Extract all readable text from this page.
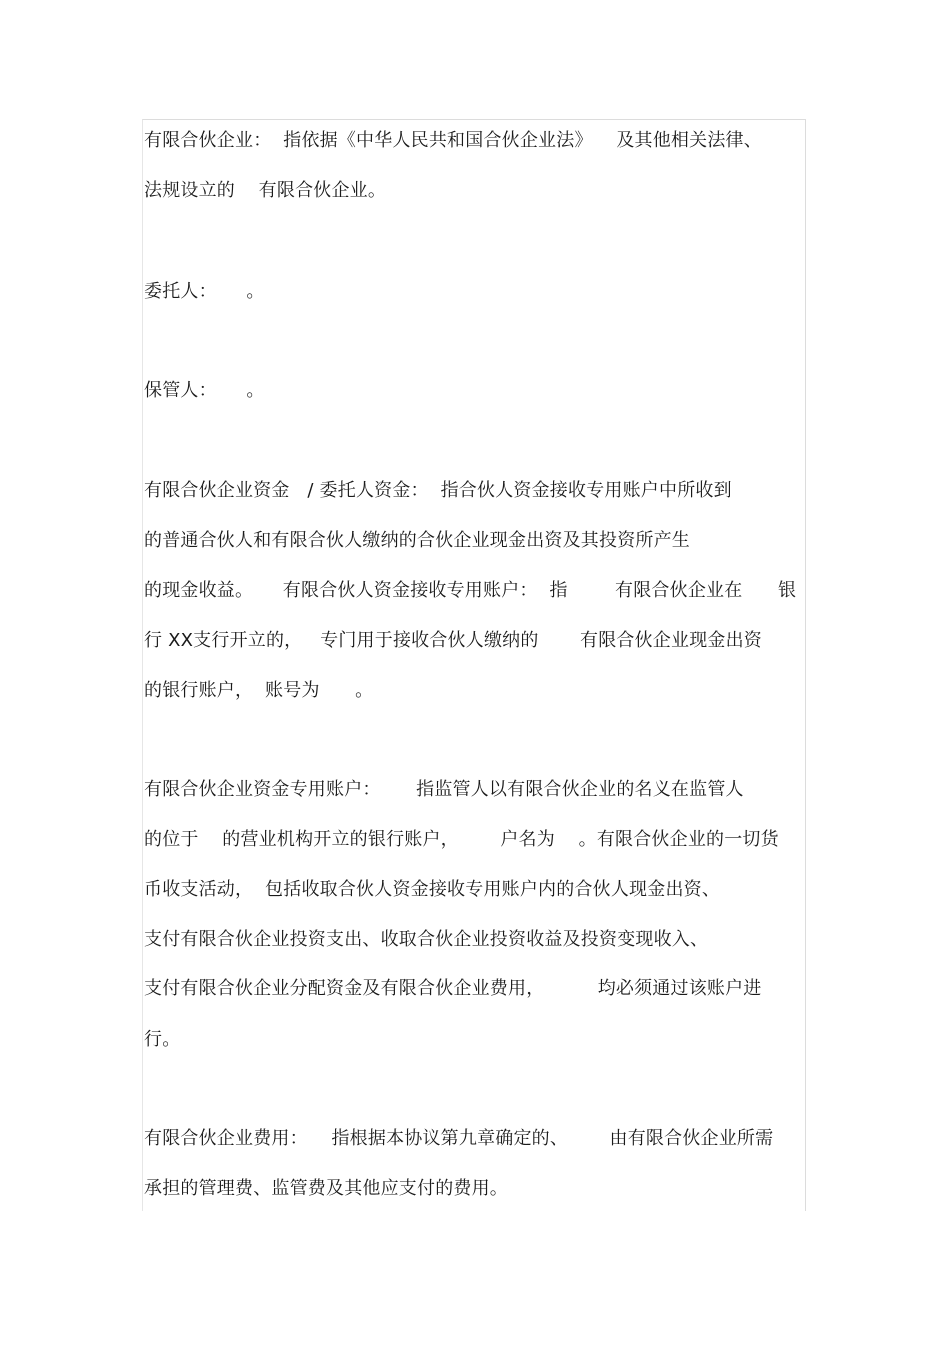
有限合伙企业：  指依据《中华人民共和国合伙企业法》    及其他相关法律、
法规设立的    有限合伙企业。
委托人：     。
保管人：     。
有限合伙企业资金   / 委托人资金：  指合伙人资金接收专用账户中所收到
的普通合伙人和有限合伙人缴纳的合伙企业现金出资及其投资所产生
的现金收益。     有限合伙人资金接收专用账户：  指        有限合伙企业在      银
行 XX支行开立的，   专门用于接收合伙人缴纳的       有限合伙企业现金出资
的银行账户，  账号为      。
有限合伙企业资金专用账户：      指监管人以有限合伙企业的名义在监管人
的位于    的营业机构开立的银行账户，       户名为    。有限合伙企业的一切货
币收支活动，  包括收取合伙人资金接收专用账户内的合伙人现金出资、
支付有限合伙企业投资支出、收取合伙企业投资收益及投资变现收入、
支付有限合伙企业分配资金及有限合伙企业费用，         均必须通过该账户进
行。
有限合伙企业费用：    指根据本协议第九章确定的、       由有限合伙企业所需
承担的管理费、监管费及其他应支付的费用。
